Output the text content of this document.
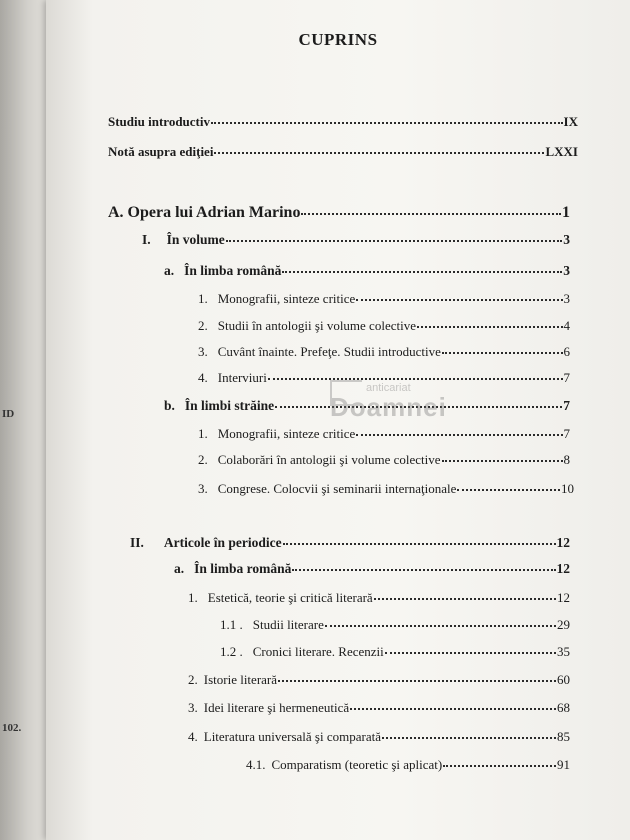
ID
102.
CUPRINS
Studiu introductiv	IX
Notă asupra ediţiei	LXXI
A. Opera lui Adrian Marino	1
I. În volume	3
a. În limba română	3
1. Monografii, sinteze critice	3
2. Studii în antologii şi volume colective	4
3. Cuvânt înainte. Prefeţe. Studii introductive	6
4. Interviuri	7
b. În limbi străine	7
1. Monografii, sinteze critice	7
2. Colaborări în antologii şi volume colective	8
3. Congrese. Colocvii şi seminarii internaţionale	10
II. Articole în periodice	12
a. În limba română	12
1. Estetică, teorie şi critică literară	12
1.1 . Studii literare	29
1.2 . Cronici literare. Recenzii	35
2. Istorie literară	60
3. Idei literare şi hermeneutică	68
4. Literatura universală şi comparată	85
4.1. Comparatism (teoretic şi aplicat)	91
anticariat
Doamnei
